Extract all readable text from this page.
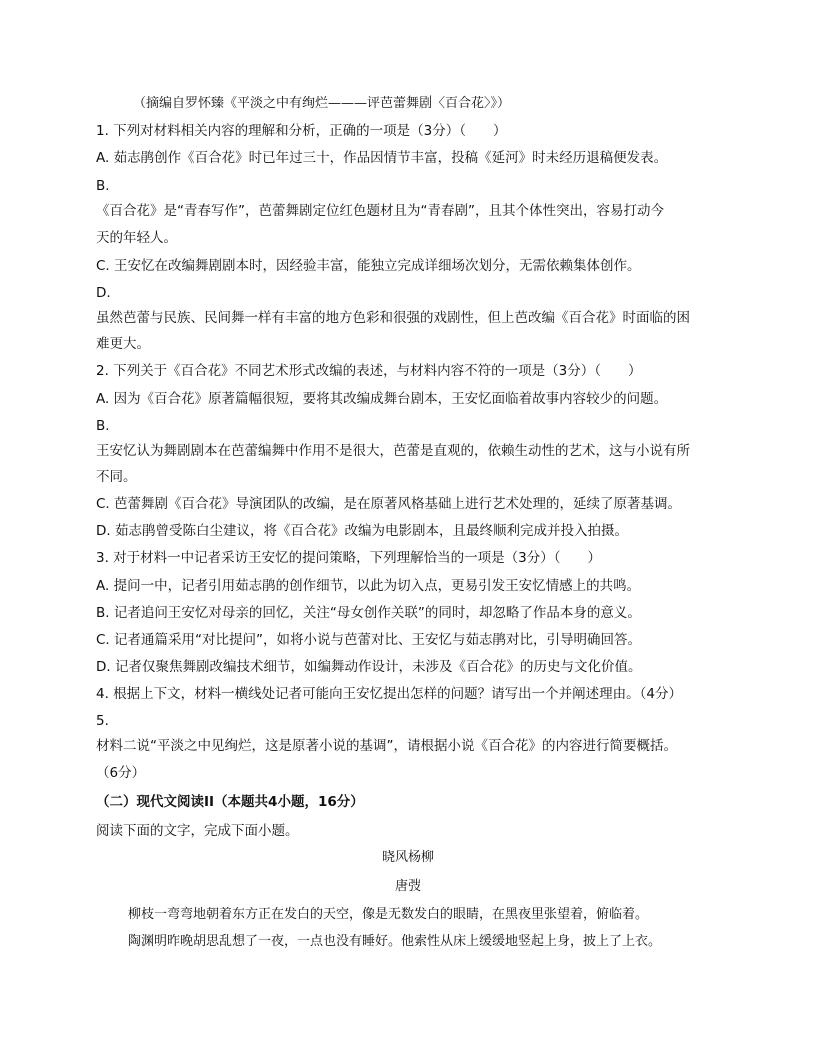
（摘编自罗怀臻《平淡之中有绚烂———评芭蕾舞剧〈百合花〉》）
1. 下列对材料相关内容的理解和分析，正确的一项是（3分）（　　）
A. 茹志鹃创作《百合花》时已年过三十，作品因情节丰富，投稿《延河》时未经历退稿便发表。
B.
《百合花》是“青春写作”，芭蕾舞剧定位红色题材且为“青春剧”，且其个体性突出，容易打动今
天的年轻人。
C. 王安忆在改编舞剧剧本时，因经验丰富，能独立完成详细场次划分，无需依赖集体创作。
D.
虽然芭蕾与民族、民间舞一样有丰富的地方色彩和很强的戏剧性，但上芭改编《百合花》时面临的困
难更大。
2. 下列关于《百合花》不同艺术形式改编的表述，与材料内容不符的一项是（3分）（　　）
A. 因为《百合花》原著篇幅很短，要将其改编成舞台剧本，王安忆面临着故事内容较少的问题。
B.
王安忆认为舞剧剧本在芭蕾编舞中作用不是很大，芭蕾是直观的，依赖生动性的艺术，这与小说有所
不同。
C. 芭蕾舞剧《百合花》导演团队的改编，是在原著风格基础上进行艺术处理的，延续了原著基调。
D. 茹志鹃曾受陈白尘建议，将《百合花》改编为电影剧本，且最终顺利完成并投入拍摄。
3. 对于材料一中记者采访王安忆的提问策略，下列理解恰当的一项是（3分）（　　）
A. 提问一中，记者引用茹志鹃的创作细节，以此为切入点，更易引发王安忆情感上的共鸣。
B. 记者追问王安忆对母亲的回忆，关注“母女创作关联”的同时，却忽略了作品本身的意义。
C. 记者通篇采用“对比提问”，如将小说与芭蕾对比、王安忆与茹志鹃对比，引导明确回答。
D. 记者仅聚焦舞剧改编技术细节，如编舞动作设计，未涉及《百合花》的历史与文化价值。
4. 根据上下文，材料一横线处记者可能向王安忆提出怎样的问题？请写出一个并阐述理由。（4分）
5.
材料二说“平淡之中见绚烂，这是原著小说的基调”，请根据小说《百合花》的内容进行简要概括。
（6分）
（二）现代文阅读II（本题共4小题，16分）
阅读下面的文字，完成下面小题。
晓风杨柳
唐弢
柳枝一弯弯地朝着东方正在发白的天空，像是无数发白的眼睛，在黑夜里张望着，俯临着。
陶渊明昨晚胡思乱想了一夜，一点也没有睡好。他索性从床上缓缓地竖起上身，披上了上衣。
